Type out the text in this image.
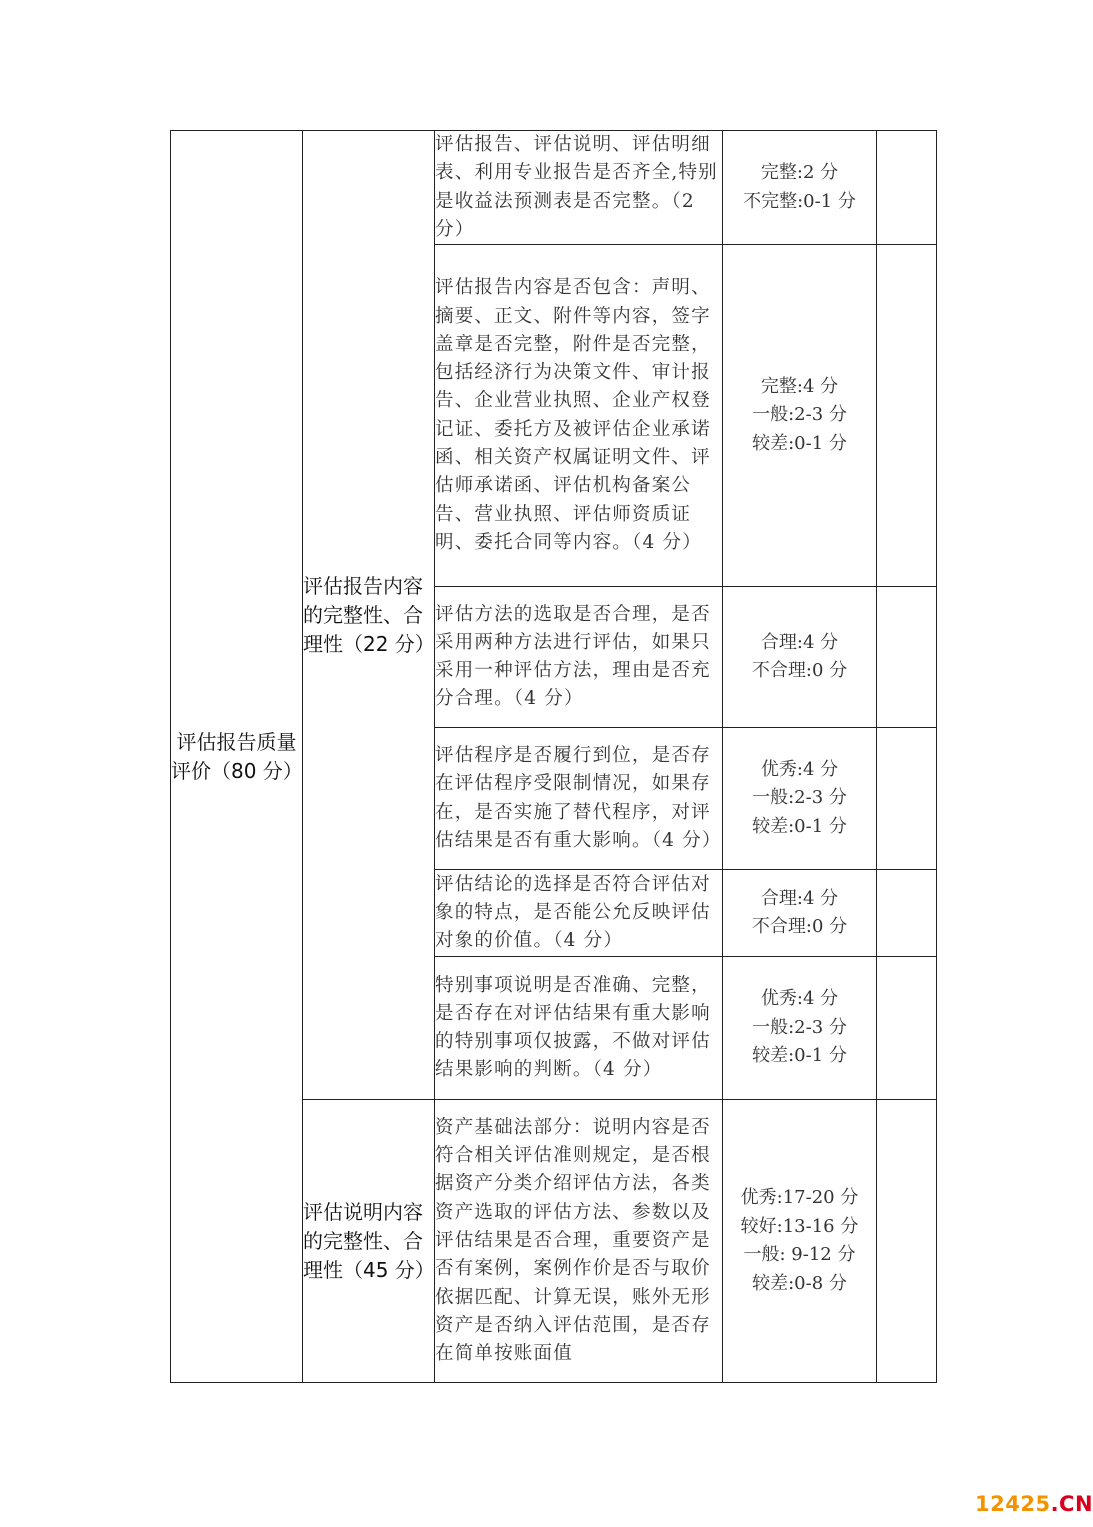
评估报告质量评价（80 分）	评估报告内容的完整性、合理性（22 分）	评估报告、评估说明、评估明细表、利用专业报告是否齐全,特别是收益法预测表是否完整。（2 分）	完整:2 分
不完整:0-1 分	

		评估报告内容是否包含：声明、摘要、正文、附件等内容，签字盖章是否完整，附件是否完整，包括经济行为决策文件、审计报告、企业营业执照、企业产权登记证、委托方及被评估企业承诺函、相关资产权属证明文件、评估师承诺函、评估机构备案公告、营业执照、评估师资质证明、委托合同等内容。（4 分）	完整:4 分
一般:2-3 分
较差:0-1 分	

		评估方法的选取是否合理，是否采用两种方法进行评估，如果只采用一种评估方法，理由是否充分合理。（4 分）	合理:4 分
不合理:0 分	

		评估程序是否履行到位，是否存在评估程序受限制情况，如果存在，是否实施了替代程序，对评估结果是否有重大影响。（4 分）	优秀:4 分
一般:2-3 分
较差:0-1 分	

		评估结论的选择是否符合评估对象的特点，是否能公允反映评估对象的价值。（4 分）	合理:4 分
不合理:0 分	

		特别事项说明是否准确、完整，是否存在对评估结果有重大影响的特别事项仅披露，不做对评估结果影响的判断。（4 分）	优秀:4 分
一般:2-3 分
较差:0-1 分	

	评估说明内容的完整性、合理性（45 分）	资产基础法部分：说明内容是否符合相关评估准则规定，是否根据资产分类介绍评估方法，各类资产选取的评估方法、参数以及评估结果是否合理，重要资产是否有案例，案例作价是否与取价依据匹配、计算无误，账外无形资产是否纳入评估范围，是否存在简单按账面值	优秀:17-20 分
较好:13-16 分
一般: 9-12 分
较差:0-8 分	

12425.CN
